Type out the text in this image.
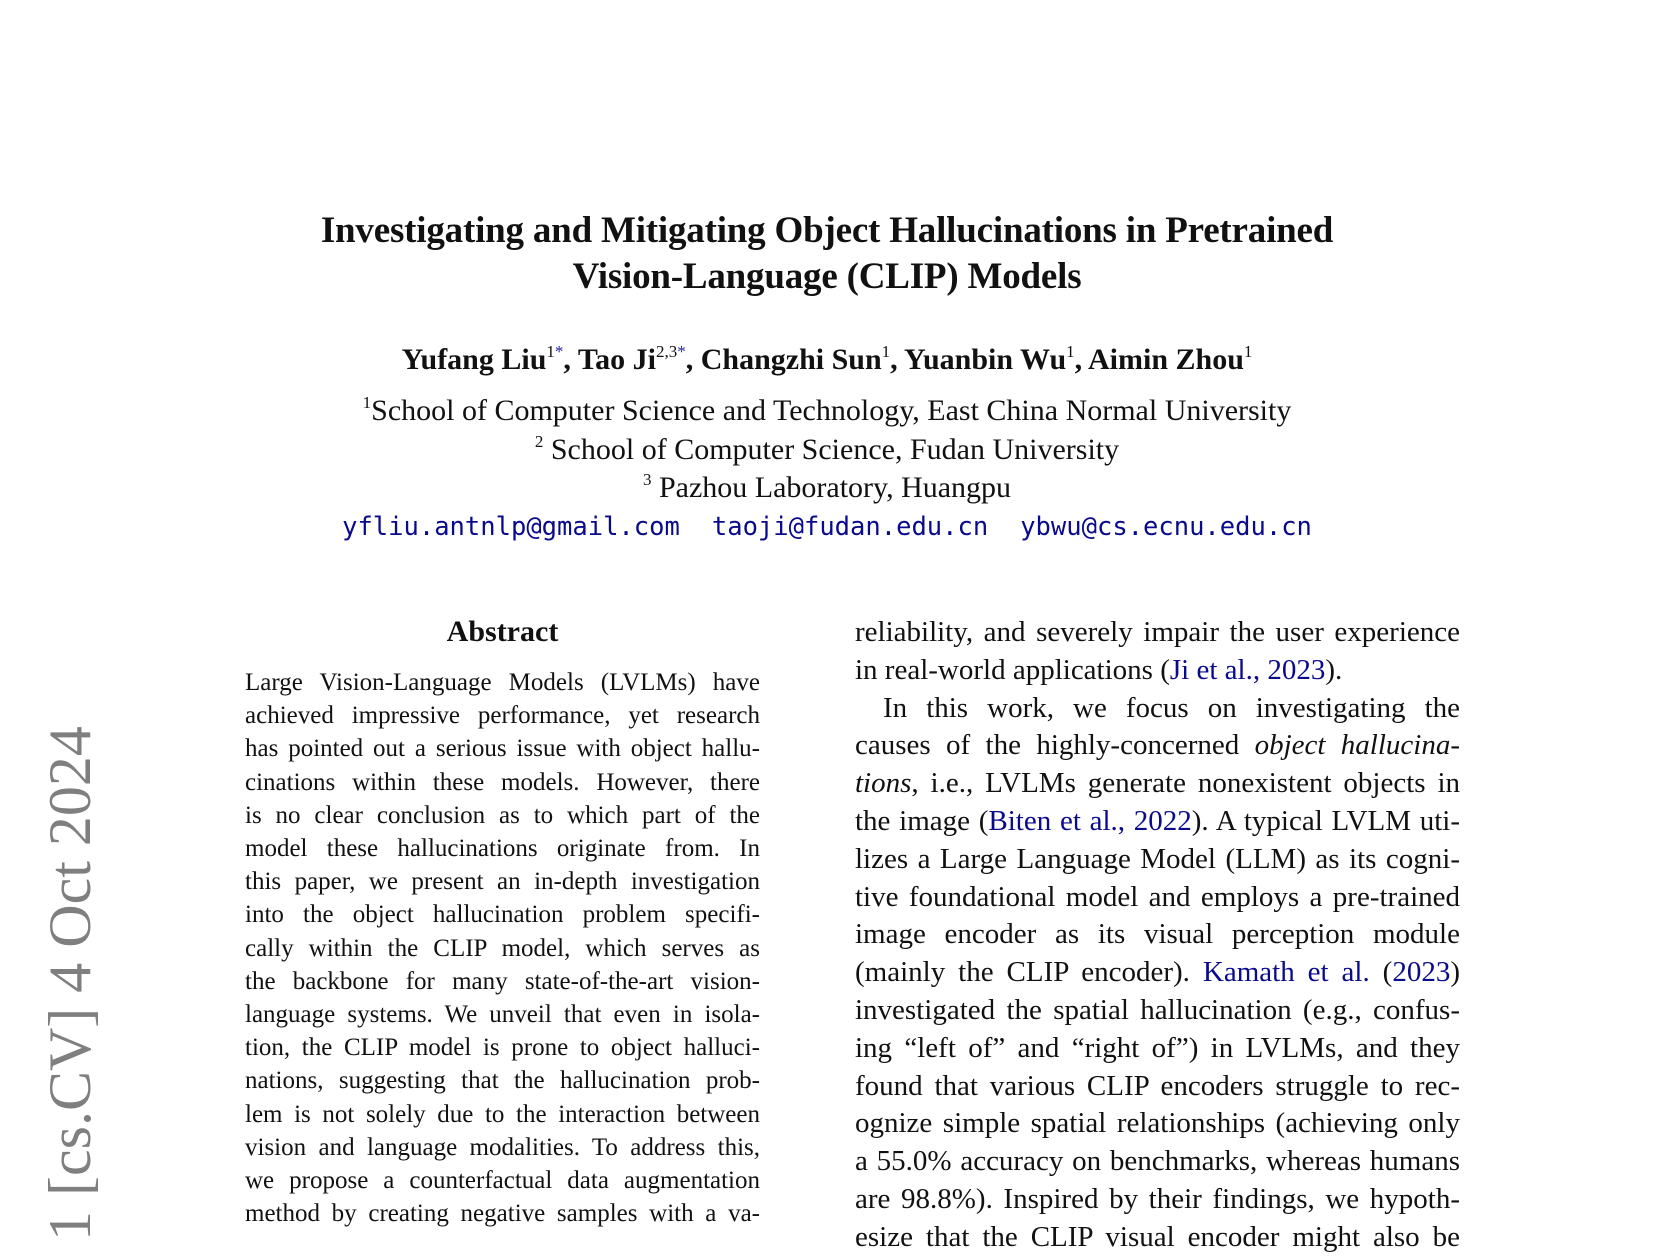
Investigating and Mitigating Object Hallucinations in Pretrained
Vision-Language (CLIP) Models
Yufang Liu$^{1*}$, Tao $Ji^{2,3*}$, Changzhi Sun$^1$, Yuanbin Wu$^1$, Aimin Zhou$^1$
$^1$School of Computer Science and Technology, East China Normal University
$^2$ School of Computer Science, Fudan University
$^3$ Pazhou Laboratory, Huangpu
yfliu.antnlp@gmail.com taoji@fudan.edu.cn ybwu@cs.ecnu.edu.cn
1 [cs.CV] 4 Oct 2024
Abstract

Large Vision-Language Models (LVLMs) have
achieved impressive performance, yet research
has pointed out a serious issue with object hallu-
cinations within these models. However, there
is no clear conclusion as to which part of the
model these hallucinations originate from. In
this paper, we present an in-depth investigation
into the object hallucination problem specifi-
cally within the CLIP model, which serves as
the backbone for many state-of-the-art vision-
language systems. We unveil that even in isola-
tion, the CLIP model is prone to object halluci-
nations, suggesting that the hallucination prob-
lem is not solely due to the interaction between
vision and language modalities. To address this,
we propose a counterfactual data augmentation
method by creating negative samples with a va-

reliability, and severely impair the user experience
in real-world applications (Ji et al., 2023).
In this work, we focus on investigating the
causes of the highly-concerned object hallucina-
tions, i.e., LVLMs generate nonexistent objects in
the image (Biten et al., 2022). A typical LVLM uti-
lizes a Large Language Model (LLM) as its cogni-
tive foundational model and employs a pre-trained
image encoder as its visual perception module
(mainly the CLIP encoder). Kamath et al. (2023)
investigated the spatial hallucination (e.g., confus-
ing “left of” and “right of”) in LVLMs, and they
found that various CLIP encoders struggle to rec-
ognize simple spatial relationships (achieving only
a 55.0% accuracy on benchmarks, whereas humans
are 98.8%). Inspired by their findings, we hypoth-
esize that the CLIP visual encoder might also be
